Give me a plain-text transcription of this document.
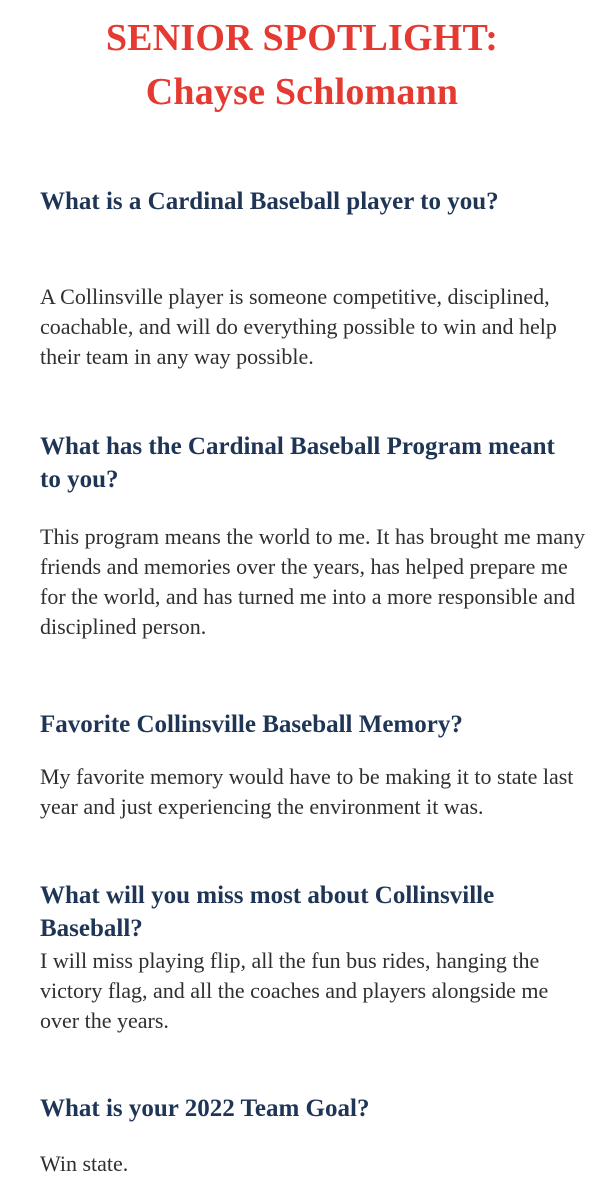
SENIOR SPOTLIGHT:
Chayse Schlomann
What is a Cardinal Baseball player to you?

A Collinsville player is someone competitive, disciplined, coachable, and will do everything possible to win and help their team in any way possible.

What has the Cardinal Baseball Program meant to you?

This program means the world to me. It has brought me many friends and memories over the years, has helped prepare me for the world, and has turned me into a more responsible and disciplined person.

Favorite Collinsville Baseball Memory?

My favorite memory would have to be making it to state last year and just experiencing the environment it was.

What will you miss most about Collinsville Baseball?

I will miss playing flip, all the fun bus rides, hanging the victory flag, and all the coaches and players alongside me over the years.

What is your 2022 Team Goal?

Win state.
